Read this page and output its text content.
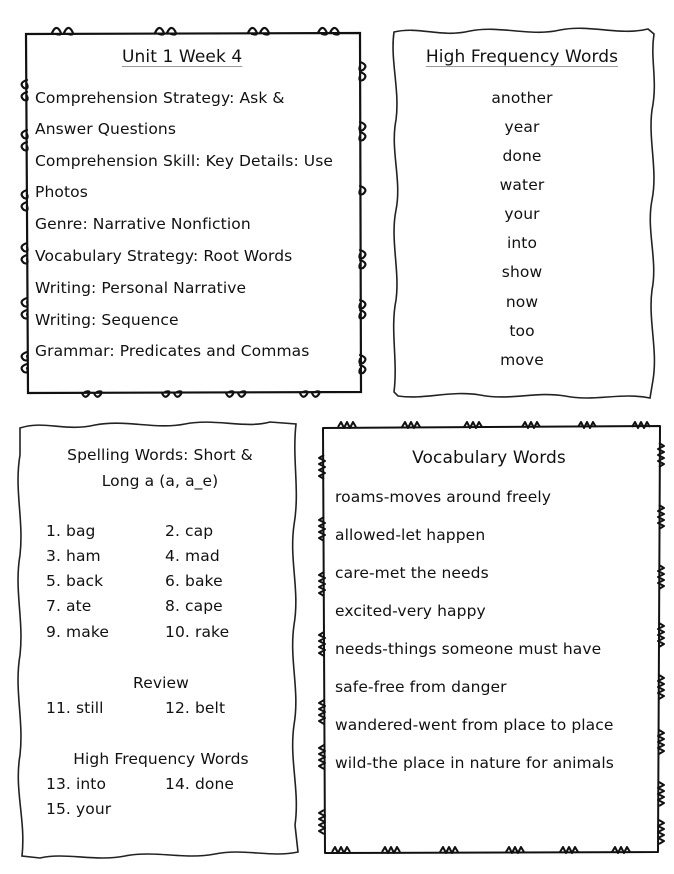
Unit 1 Week 4
Comprehension Strategy: Ask &
Answer Questions
Comprehension Skill: Key Details: Use
Photos
Genre: Narrative Nonfiction
Vocabulary Strategy: Root Words
Writing: Personal Narrative
Writing: Sequence
Grammar: Predicates and Commas
High Frequency Words
another
year
done
water
your
into
show
now
too
move
Spelling Words: Short &
Long a (a, a_e)
1. bag	2. cap
3. ham	4. mad
5. back	6. bake
7. ate	8. cape
9. make	10. rake
Review
11. still	12. belt
High Frequency Words
13. into	14. done
15. your
Vocabulary Words
roams-moves around freely
allowed-let happen
care-met the needs
excited-very happy
needs-things someone must have
safe-free from danger
wandered-went from place to place
wild-the place in nature for animals
